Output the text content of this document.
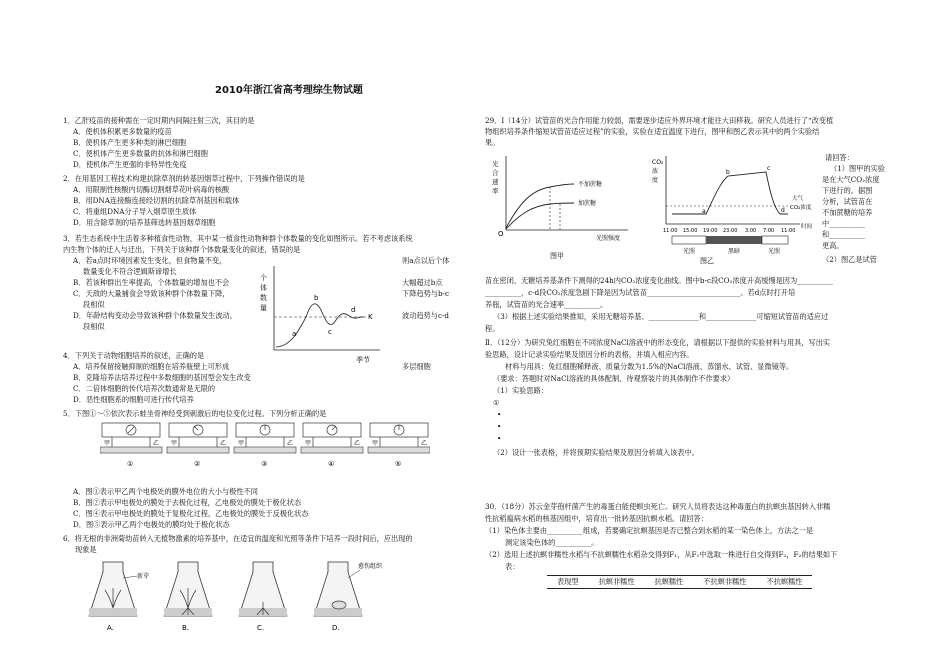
2010年浙江省高考理综生物试题
1．乙肝疫苗的接种需在一定时期内间隔注射三次，其目的是
A．使机体积累更多数量的疫苗
B．使机体产生更多种类的淋巴细胞
C．使机体产生更多数量的抗体和淋巴细胞
D．使机体产生更强的非特异性免疫
2．在用基因工程技术构建抗除草剂的转基因烟草过程中，下列操作错误的是
A．用限制性核酸内切酶切割烟草花叶病毒的核酸
B．用DNA连接酶连接经切割的抗除草剂基因和载体
C．将重组DNA分子导入烟草原生质体
D．用含除草剂的培养基筛选转基因烟草细胞
3．若生态系统中生活着多种植食性动物，其中某一植食性动物种群个体数量的变化如图所示。若不考虑该系统
内生物个体的迁入与迁出，下列关于该种群个体数量变化的叙述，错误的是
A．若a点时环境因素发生变化，但食物量不变，	则a点以后个体
数量变化不符合逻辑斯谛增长
B．若该种群出生率提高，个体数量的增加也不会	大幅超过b点
C．天敌的大量捕食会导致该种群个体数量下降，	下降趋势与b-c
段相似
D．年龄结构变动会导致该种群个体数量发生波动，	波动趋势与c-d
段相似
个
体
数
量
K
a
b
c
d
季节
4．下列关于动物细胞培养的叙述，正确的是
A．培养保留接触抑制的细胞在培养瓶壁上可形成	多层细胞
B．克隆培养法培养过程中多数细胞的基因型会发生改变
C．二倍体细胞的传代培养次数通常是无限的
D．恶性细胞系的细胞可进行传代培养
5．下图①～⑤依次表示蛙坐骨神经受到刺激后的电位变化过程。下列分析正确的是
甲	乙
①
甲	乙
②
甲	乙
③
甲	乙
④
甲	乙
⑤
A．图①表示甲乙两个电极处的膜外电位的大小与极性不同
B．图②表示甲电极处的膜处于去极化过程，乙电极处的膜处于极化状态
C．图④表示甲电极处的膜处于复极化过程，乙电极处的膜处于反极化状态
D．图⑤表示甲乙两个电极处的膜均处于极化状态
6．将无根的非洲菊幼苗转入无植物激素的培养基中，在适宜的温度和光照等条件下培养一段时间后，应出现的
现象是
新芽
A.	B.	C.
愈伤组织
D.
29．Ⅰ（14分）试管苗的光合作用能力较弱，需要逐步适应外界环境才能往大田移栽。研究人员进行了“改变植
物组织培养条件缩短试管苗适应过程”的实验，实验在适宜温度下进行，图甲和图乙表示其中的两个实验结
果。
光
合
速
率
O
不加蔗糖
加蔗糖
光照强度
图甲
CO₂
浓
度
大气
CO₂浓度
a
b
c
d
11:00 15:00 19:00 23:00 3:00 7:00 11:00
时间
光照	黑暗	光照
图乙
请回答：
（1）图甲的实验
是在大气CO₂浓度
下进行的。据图
分析，试管苗在
不加蔗糖的培养
中__________
和__________
更高。
（2）图乙是试管
苗在密闭、无糖培养基条件下测得的24h内CO₂浓度变化曲线。图中b-c段CO₂浓度升高缓慢是因为__________
__________，c-d段CO₂浓度急剧下降是因为试管苗__________________________。若d点时打开培
养瓶，试管苗的光合速率__________。
（3）根据上述实验结果推知，采用无糖培养基、______________和______________可缩短试管苗的适应过
程。
Ⅱ．（12分）为研究兔红细胞在不同浓度NaCl溶液中的形态变化，请根据以下提供的实验材料与用具，写出实
验思路，设计记录实验结果及原因分析的表格，并填入相应内容。
材料与用具：兔红细胞稀释液、质量分数为1.5%的NaCl溶液、蒸馏水、试管、显微镜等。
（要求：答题时对NaCl溶液的具体配制、待观察装片的具体制作不作要求）
（1）实验思路：
①
•
•
•
（2）设计一张表格，并将预期实验结果及原因分析填入该表中。
30．（18分）苏云金芽孢杆菌产生的毒蛋白能使螟虫死亡。研究人员将表达这种毒蛋白的抗螟虫基因转入非糯
性抗稻瘟病水稻的核基因组中，培育出一批转基因抗螟水稻。请回答：
（1）染色体主要由__________组成，若要确定抗螟基因是否已整合到水稻的某一染色体上，方法之一是
测定该染色体的__________。
（2）选用上述抗螟非糯性水稻与不抗螟糯性水稻杂交得到F₁，从F₁中选取一株进行自交得到F₂，F₂的结果如下
表：
表现型	抗螟非糯性	抗螟糯性	不抗螟非糯性	不抗螟糯性
